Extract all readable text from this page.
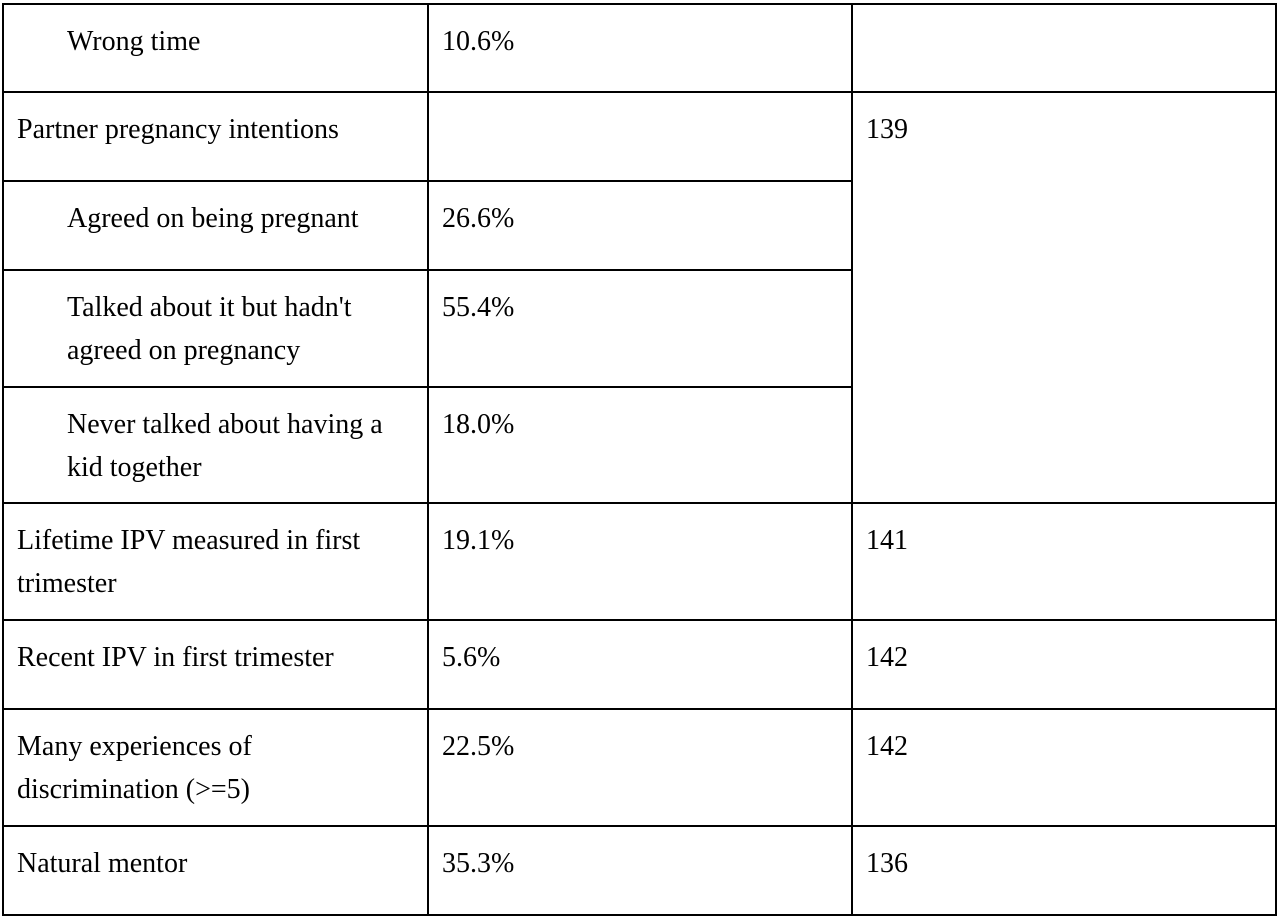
Wrong time	10.6%	
Partner pregnancy intentions		139
Agreed on being pregnant	26.6%	
Talked about it but hadn't agreed on pregnancy	55.4%	
Never talked about having a kid together	18.0%	
Lifetime IPV measured in first trimester	19.1%	141
Recent IPV in first trimester	5.6%	142
Many experiences of discrimination (>=5)	22.5%	142
Natural mentor	35.3%	136
